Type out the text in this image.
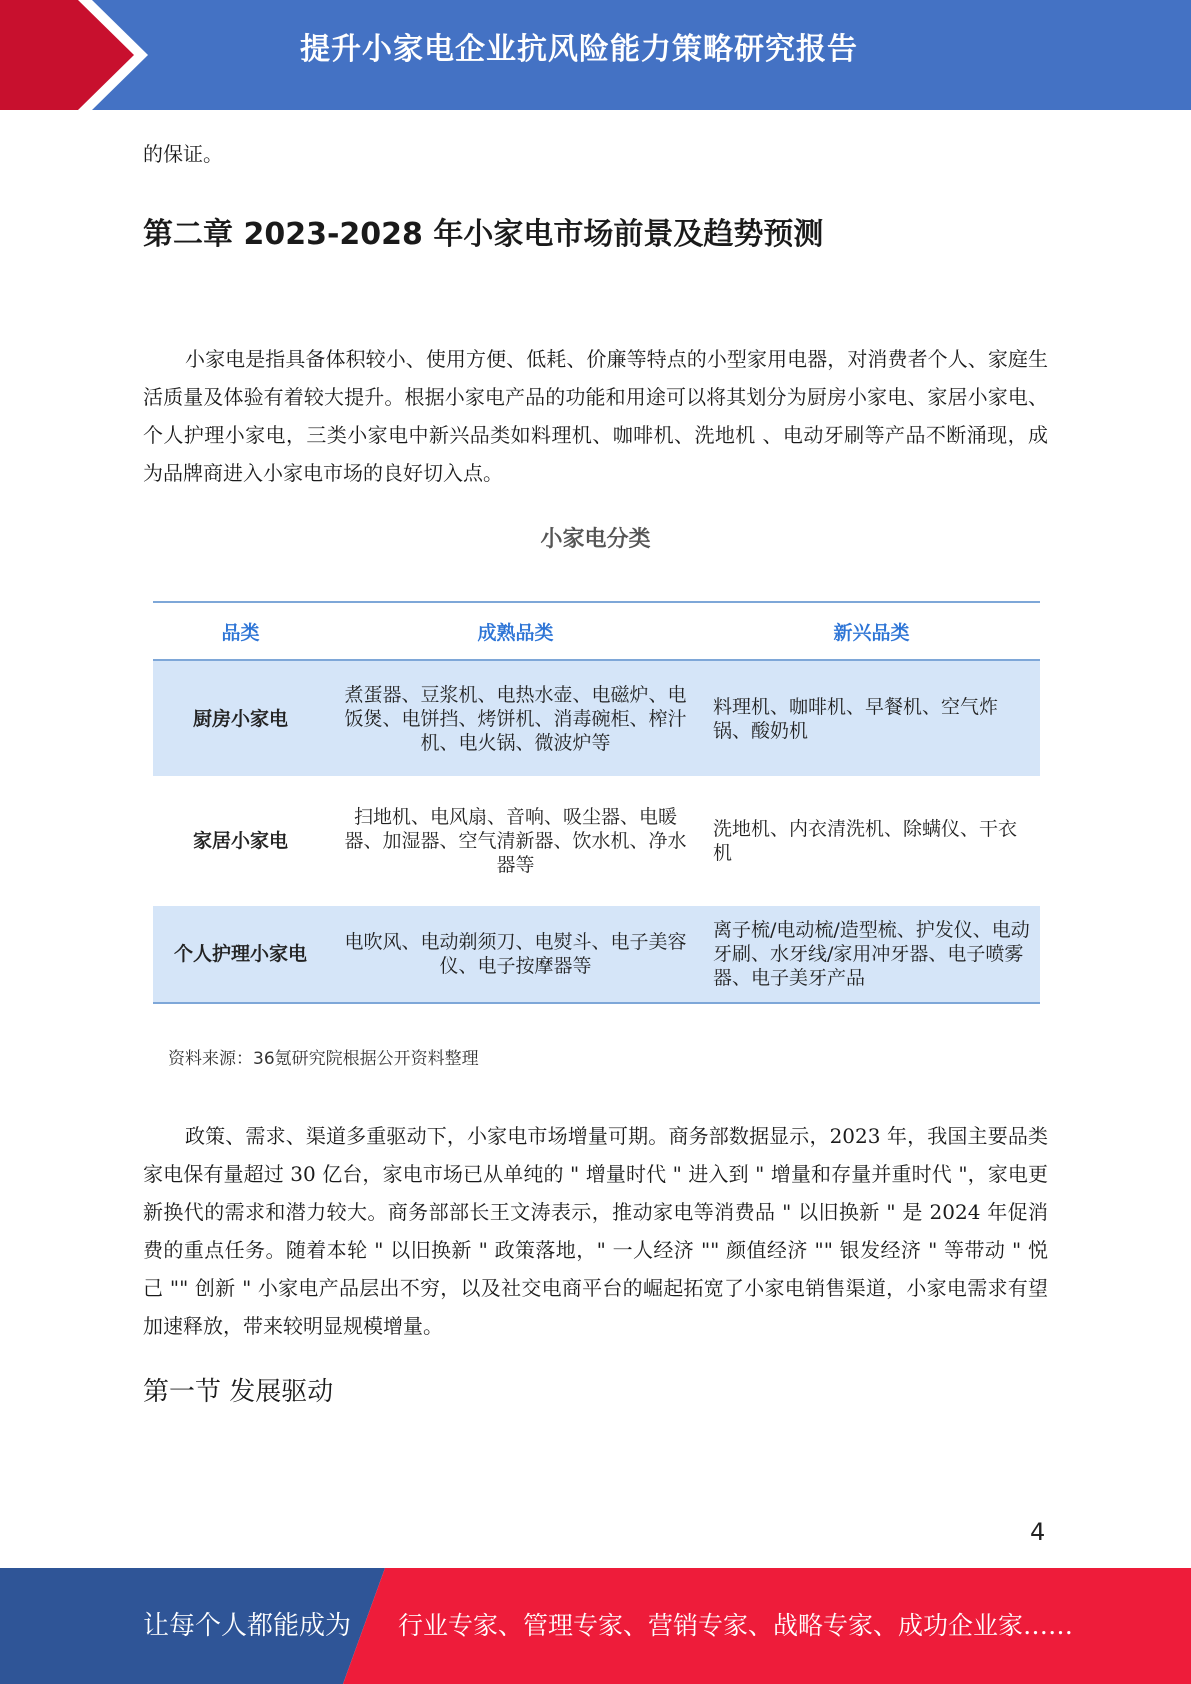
提升小家电企业抗风险能力策略研究报告
的保证。
第二章 2023-2028 年小家电市场前景及趋势预测
小家电是指具备体积较小、使用方便、低耗、价廉等特点的小型家用电器，对消费者个人、家庭生活质量及体验有着较大提升。根据小家电产品的功能和用途可以将其划分为厨房小家电、家居小家电、个人护理小家电，三类小家电中新兴品类如料理机、咖啡机、洗地机 、电动牙刷等产品不断涌现，成为品牌商进入小家电市场的良好切入点。
小家电分类
品类	成熟品类	新兴品类
厨房小家电	煮蛋器、豆浆机、电热水壶、电磁炉、电饭煲、电饼挡、烤饼机、消毒碗柜、榨汁机、电火锅、微波炉等	料理机、咖啡机、早餐机、空气炸锅、酸奶机
家居小家电	扫地机、电风扇、音响、吸尘器、电暖器、加湿器、空气清新器、饮水机、净水器等	洗地机、内衣清洗机、除螨仪、干衣机
个人护理小家电	电吹风、电动剃须刀、电熨斗、电子美容仪、电子按摩器等	离子梳/电动梳/造型梳、护发仪、电动牙刷、水牙线/家用冲牙器、电子喷雾器、电子美牙产品
资料来源：36氪研究院根据公开资料整理
政策、需求、渠道多重驱动下，小家电市场增量可期。商务部数据显示，2023 年，我国主要品类家电保有量超过 30 亿台，家电市场已从单纯的 " 增量时代 " 进入到 " 增量和存量并重时代 "，家电更新换代的需求和潜力较大。商务部部长王文涛表示，推动家电等消费品 " 以旧换新 " 是 2024 年促消费的重点任务。随着本轮 " 以旧换新 " 政策落地，" 一人经济 "" 颜值经济 "" 银发经济 " 等带动 " 悦己 "" 创新 " 小家电产品层出不穷，以及社交电商平台的崛起拓宽了小家电销售渠道，小家电需求有望加速释放，带来较明显规模增量。
第一节 发展驱动
4
让每个人都能成为 行业专家、管理专家、营销专家、战略专家、成功企业家……
